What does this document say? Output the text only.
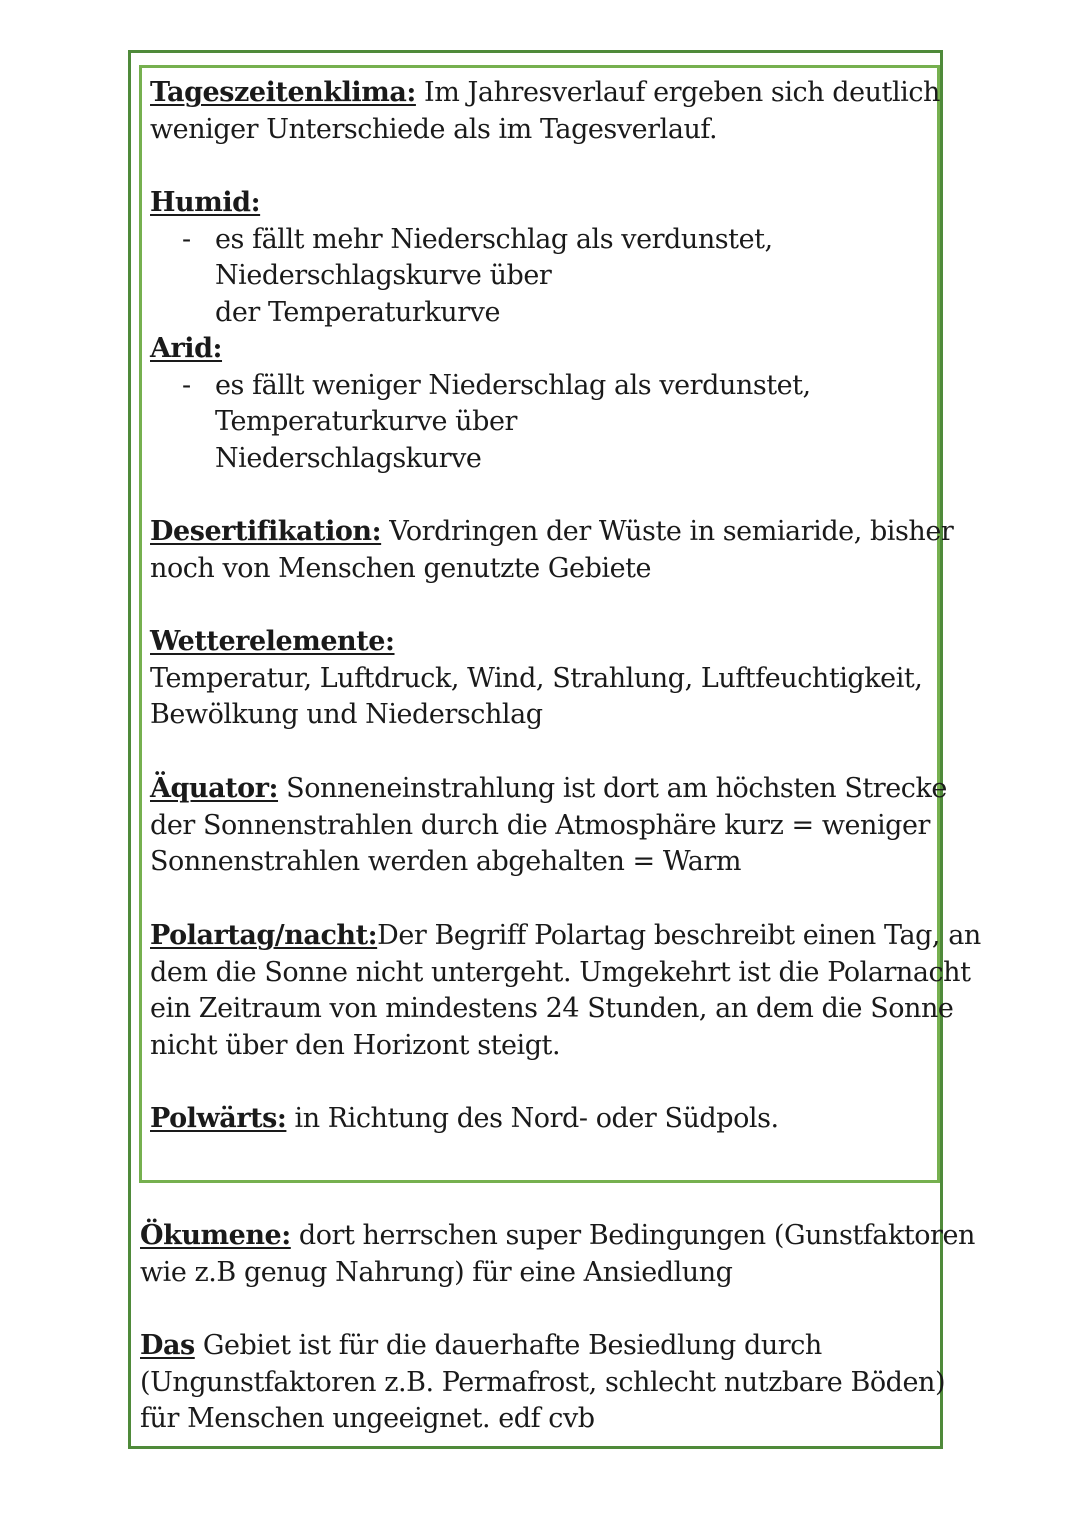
Tageszeitenklima: Im Jahresverlauf ergeben sich deutlich
weniger Unterschiede als im Tagesverlauf.
Humid:
- es fällt mehr Niederschlag als verdunstet,
Niederschlagskurve über
der Temperaturkurve
Arid:
- es fällt weniger Niederschlag als verdunstet,
Temperaturkurve über
Niederschlagskurve
Desertifikation: Vordringen der Wüste in semiaride, bisher
noch von Menschen genutzte Gebiete
Wetterelemente:
Temperatur, Luftdruck, Wind, Strahlung, Luftfeuchtigkeit,
Bewölkung und Niederschlag
Äquator: Sonneneinstrahlung ist dort am höchsten Strecke
der Sonnenstrahlen durch die Atmosphäre kurz = weniger
Sonnenstrahlen werden abgehalten = Warm
Polartag/nacht:Der Begriff Polartag beschreibt einen Tag, an
dem die Sonne nicht untergeht. Umgekehrt ist die Polarnacht
ein Zeitraum von mindestens 24 Stunden, an dem die Sonne
nicht über den Horizont steigt.
Polwärts: in Richtung des Nord- oder Südpols.
Ökumene: dort herrschen super Bedingungen (Gunstfaktoren
wie z.B genug Nahrung) für eine Ansiedlung
Das Gebiet ist für die dauerhafte Besiedlung durch
(Ungunstfaktoren z.B. Permafrost, schlecht nutzbare Böden)
für Menschen ungeeignet. edf cvb
